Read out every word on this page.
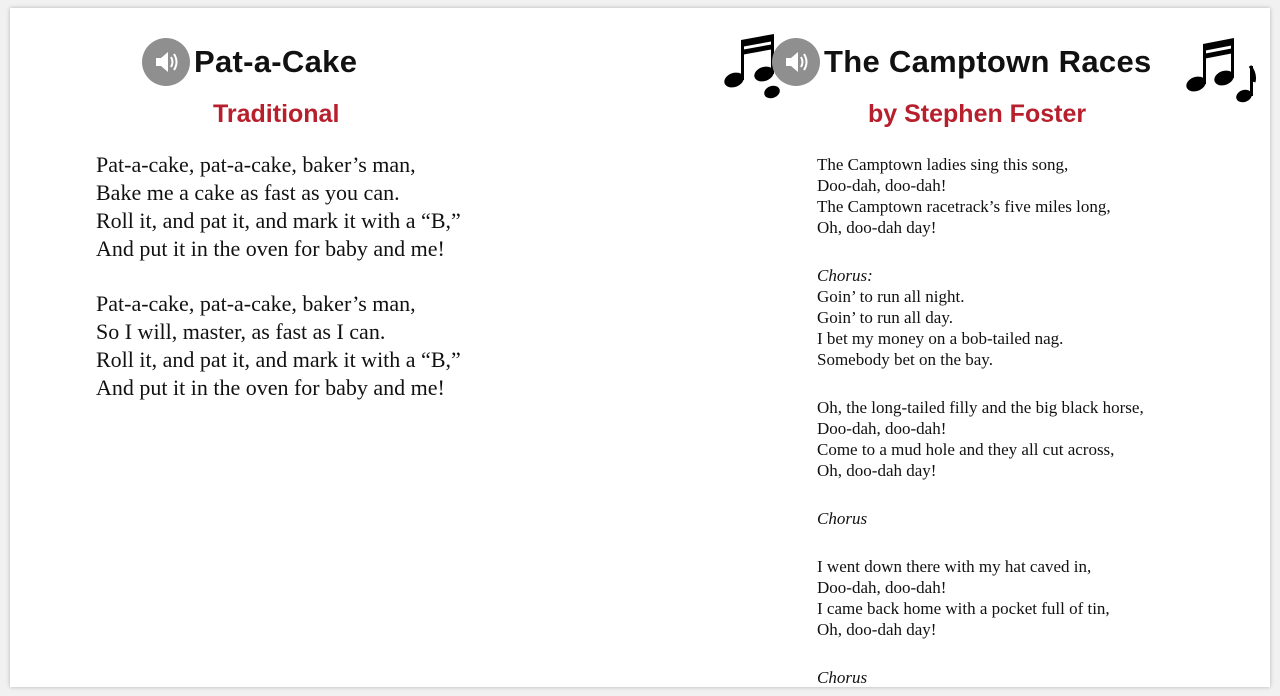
Pat-a-Cake
Traditional
Pat-a-cake, pat-a-cake, baker’s man,
Bake me a cake as fast as you can.
Roll it, and pat it, and mark it with a “B,”
And put it in the oven for baby and me!
Pat-a-cake, pat-a-cake, baker’s man,
So I will, master, as fast as I can.
Roll it, and pat it, and mark it with a “B,”
And put it in the oven for baby and me!
The Camptown Races
by Stephen Foster
The Camptown ladies sing this song,
Doo-dah, doo-dah!
The Camptown racetrack’s five miles long,
Oh, doo-dah day!
Chorus:
Goin’ to run all night.
Goin’ to run all day.
I bet my money on a bob-tailed nag.
Somebody bet on the bay.
Oh, the long-tailed filly and the big black horse,
Doo-dah, doo-dah!
Come to a mud hole and they all cut across,
Oh, doo-dah day!
Chorus
I went down there with my hat caved in,
Doo-dah, doo-dah!
I came back home with a pocket full of tin,
Oh, doo-dah day!
Chorus
